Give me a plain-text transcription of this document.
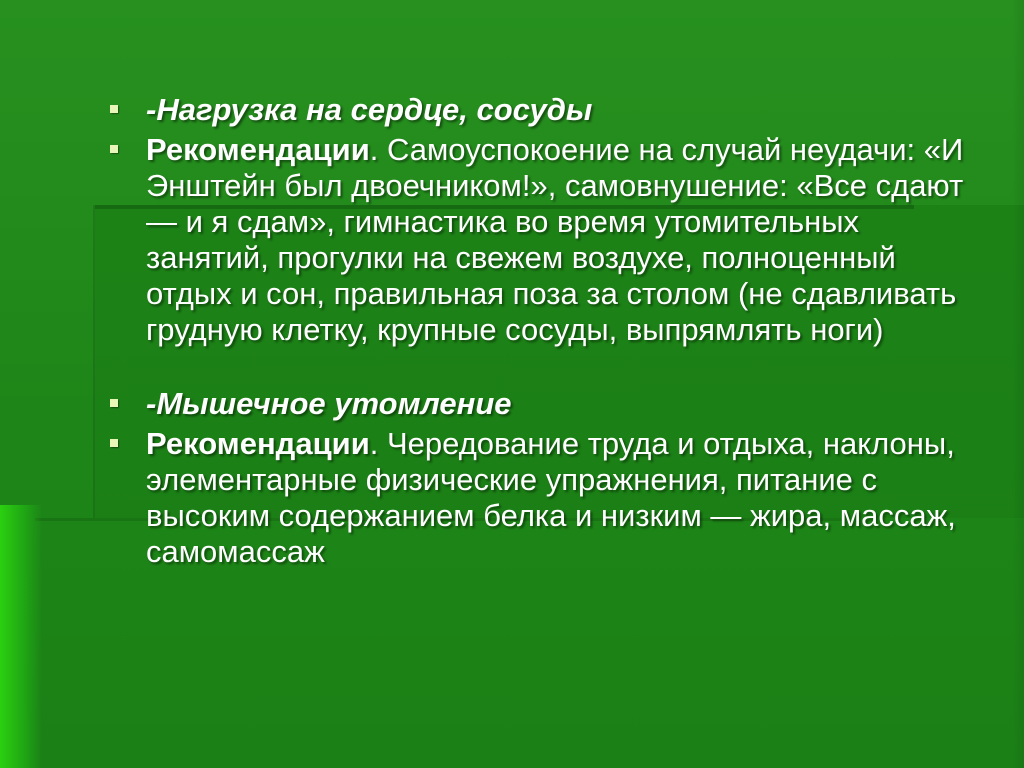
-Нагрузка на сердце, сосуды
Рекомендации. Самоуспокоение на случай неудачи: «И Энштейн был двоечником!», самовнушение: «Все сдают — и я сдам», гимнастика во время утомительных занятий, прогулки на свежем воздухе, полноценный отдых и сон, правильная поза за столом (не сдавливать грудную клетку, крупные сосуды, выпрямлять ноги)
-Мышечное утомление
Рекомендации. Чередование труда и отдыха, наклоны, элементарные физические упражнения, питание с высоким содержанием белка и низким — жира, массаж, самомассаж
